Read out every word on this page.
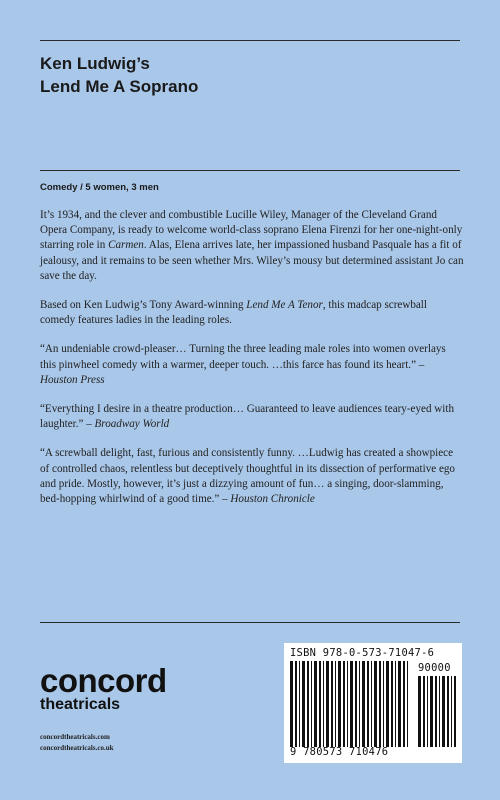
Ken Ludwig’s
Lend Me A Soprano
Comedy / 5 women, 3 men

It’s 1934, and the clever and combustible Lucille Wiley, Manager of the Cleveland Grand Opera Company, is ready to welcome world-class soprano Elena Firenzi for her one-night-only starring role in Carmen. Alas, Elena arrives late, her impassioned husband Pasquale has a fit of jealousy, and it remains to be seen whether Mrs. Wiley’s mousy but determined assistant Jo can save the day.

Based on Ken Ludwig’s Tony Award-winning Lend Me A Tenor, this madcap screwball comedy features ladies in the leading roles.

“An undeniable crowd-pleaser… Turning the three leading male roles into women overlays this pinwheel comedy with a warmer, deeper touch. …this farce has found its heart.” – Houston Press

“Everything I desire in a theatre production… Guaranteed to leave audiences teary-eyed with laughter.” – Broadway World

“A screwball delight, fast, furious and consistently funny. …Ludwig has created a showpiece of controlled chaos, relentless but deceptively thoughtful in its dissection of performative ego and pride. Mostly, however, it’s just a dizzying amount of fun… a singing, door-slamming, bed-hopping whirlwind of a good time.” – Houston Chronicle

concord
theatricals
concordtheatricals.com
concordtheatricals.co.uk
ISBN 978-0-573-71047-6
90000
9 780573 710476
